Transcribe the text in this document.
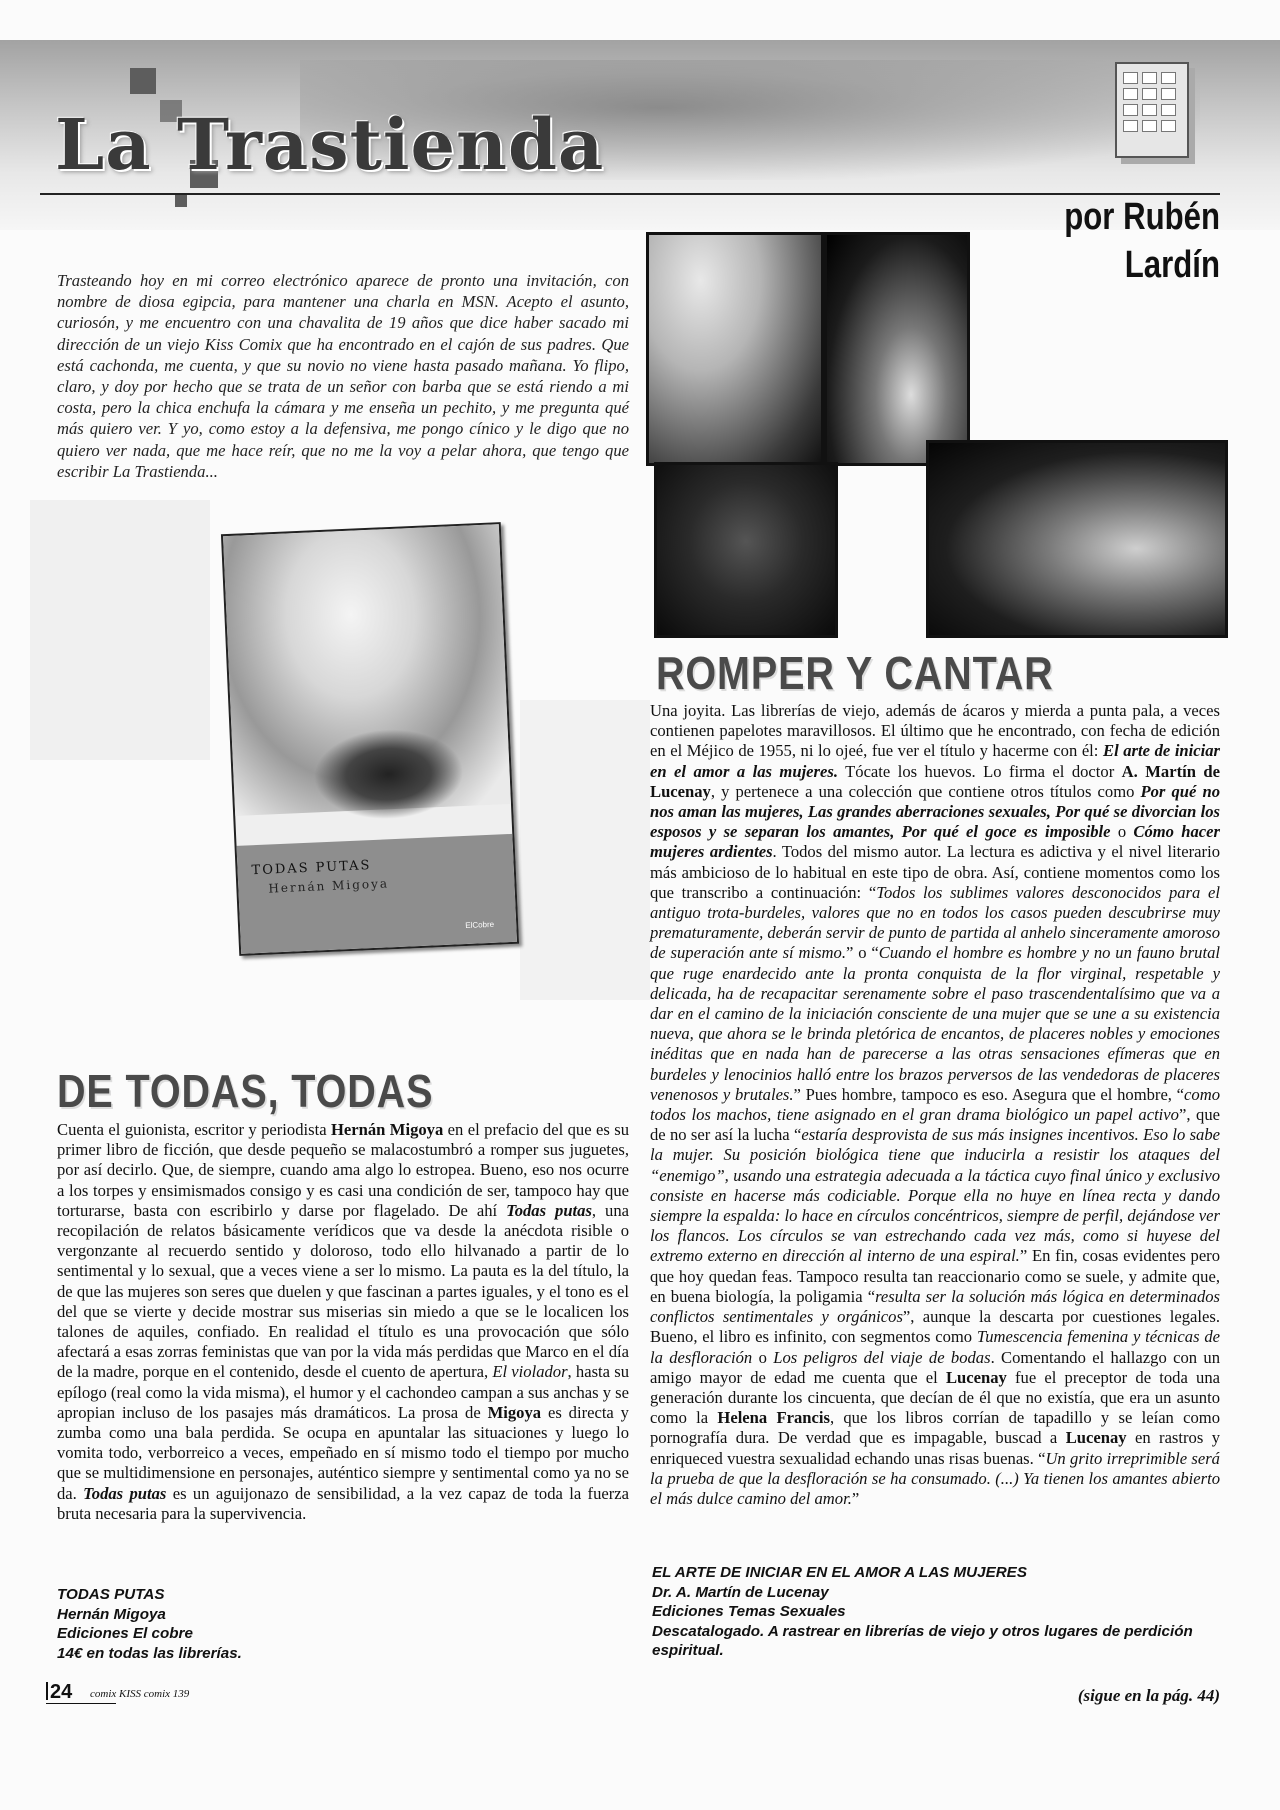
La Trastienda
por Rubén Lardín
Trasteando hoy en mi correo electrónico aparece de pronto una invitación, con nombre de diosa egipcia, para mantener una charla en MSN. Acepto el asunto, curiosón, y me encuentro con una chavalita de 19 años que dice haber sacado mi dirección de un viejo Kiss Comix que ha encontrado en el cajón de sus padres. Que está cachonda, me cuenta, y que su novio no viene hasta pasado mañana. Yo flipo, claro, y doy por hecho que se trata de un señor con barba que se está riendo a mi costa, pero la chica enchufa la cámara y me enseña un pechito, y me pregunta qué más quiero ver. Y yo, como estoy a la defensiva, me pongo cínico y le digo que no quiero ver nada, que me hace reír, que no me la voy a pelar ahora, que tengo que escribir La Trastienda...
TODAS PUTAS
Hernán Migoya
ElCobre
ROMPER Y CANTAR

Una joyita. Las librerías de viejo, además de ácaros y mierda a punta pala, a veces contienen papelotes maravillosos. El último que he encontrado, con fecha de edición en el Méjico de 1955, ni lo ojeé, fue ver el título y hacerme con él: El arte de iniciar en el amor a las mujeres. Tócate los huevos. Lo firma el doctor A. Martín de Lucenay, y pertenece a una colección que contiene otros títulos como Por qué no nos aman las mujeres, Las grandes aberraciones sexuales, Por qué se divorcian los esposos y se separan los amantes, Por qué el goce es imposible o Cómo hacer mujeres ardientes. Todos del mismo autor. La lectura es adictiva y el nivel literario más ambicioso de lo habitual en este tipo de obra. Así, contiene momentos como los que transcribo a continuación: “Todos los sublimes valores desconocidos para el antiguo trota-burdeles, valores que no en todos los casos pueden descubrirse muy prematuramente, deberán servir de punto de partida al anhelo sinceramente amoroso de superación ante sí mismo.” o “Cuando el hombre es hombre y no un fauno brutal que ruge enardecido ante la pronta conquista de la flor virginal, respetable y delicada, ha de recapacitar serenamente sobre el paso trascendentalísimo que va a dar en el camino de la iniciación consciente de una mujer que se une a su existencia nueva, que ahora se le brinda pletórica de encantos, de placeres nobles y emociones inéditas que en nada han de parecerse a las otras sensaciones efímeras que en burdeles y lenocinios halló entre los brazos perversos de las vendedoras de placeres venenosos y brutales.” Pues hombre, tampoco es eso. Asegura que el hombre, “como todos los machos, tiene asignado en el gran drama biológico un papel activo”, que de no ser así la lucha “estaría desprovista de sus más insignes incentivos. Eso lo sabe la mujer. Su posición biológica tiene que inducirla a resistir los ataques del “enemigo”, usando una estrategia adecuada a la táctica cuyo final único y exclusivo consiste en hacerse más codiciable. Porque ella no huye en línea recta y dando siempre la espalda: lo hace en círculos concéntricos, siempre de perfil, dejándose ver los flancos. Los círculos se van estrechando cada vez más, como si huyese del extremo externo en dirección al interno de una espiral.” En fin, cosas evidentes pero que hoy quedan feas. Tampoco resulta tan reaccionario como se suele, y admite que, en buena biología, la poligamia “resulta ser la solución más lógica en determinados conflictos sentimentales y orgánicos”, aunque la descarta por cuestiones legales. Bueno, el libro es infinito, con segmentos como Tumescencia femenina y técnicas de la desfloración o Los peligros del viaje de bodas. Comentando el hallazgo con un amigo mayor de edad me cuenta que el Lucenay fue el preceptor de toda una generación durante los cincuenta, que decían de él que no existía, que era un asunto como la Helena Francis, que los libros corrían de tapadillo y se leían como pornografía dura. De verdad que es impagable, buscad a Lucenay en rastros y enriqueced vuestra sexualidad echando unas risas buenas. “Un grito irreprimible será la prueba de que la desfloración se ha consumado. (...) Ya tienen los amantes abierto el más dulce camino del amor.”

EL ARTE DE INICIAR EN EL AMOR A LAS MUJERES
Dr. A. Martín de Lucenay
Ediciones Temas Sexuales
Descatalogado. A rastrear en librerías de viejo y otros lugares de perdición espiritual.
DE TODAS, TODAS

Cuenta el guionista, escritor y periodista Hernán Migoya en el prefacio del que es su primer libro de ficción, que desde pequeño se malacostumbró a romper sus juguetes, por así decirlo. Que, de siempre, cuando ama algo lo estropea. Bueno, eso nos ocurre a los torpes y ensimismados consigo y es casi una condición de ser, tampoco hay que torturarse, basta con escribirlo y darse por flagelado. De ahí Todas putas, una recopilación de relatos básicamente verídicos que va desde la anécdota risible o vergonzante al recuerdo sentido y doloroso, todo ello hilvanado a partir de lo sentimental y lo sexual, que a veces viene a ser lo mismo. La pauta es la del título, la de que las mujeres son seres que duelen y que fascinan a partes iguales, y el tono es el del que se vierte y decide mostrar sus miserias sin miedo a que se le localicen los talones de aquiles, confiado. En realidad el título es una provocación que sólo afectará a esas zorras feministas que van por la vida más perdidas que Marco en el día de la madre, porque en el contenido, desde el cuento de apertura, El violador, hasta su epílogo (real como la vida misma), el humor y el cachondeo campan a sus anchas y se apropian incluso de los pasajes más dramáticos. La prosa de Migoya es directa y zumba como una bala perdida. Se ocupa en apuntalar las situaciones y luego lo vomita todo, verborreico a veces, empeñado en sí mismo todo el tiempo por mucho que se multidimensione en personajes, auténtico siempre y sentimental como ya no se da. Todas putas es un aguijonazo de sensibilidad, a la vez capaz de toda la fuerza bruta necesaria para la supervivencia.

TODAS PUTAS
Hernán Migoya
Ediciones El cobre
14€ en todas las librerías.
24 comix KISS comix 139	(sigue en la pág. 44)
